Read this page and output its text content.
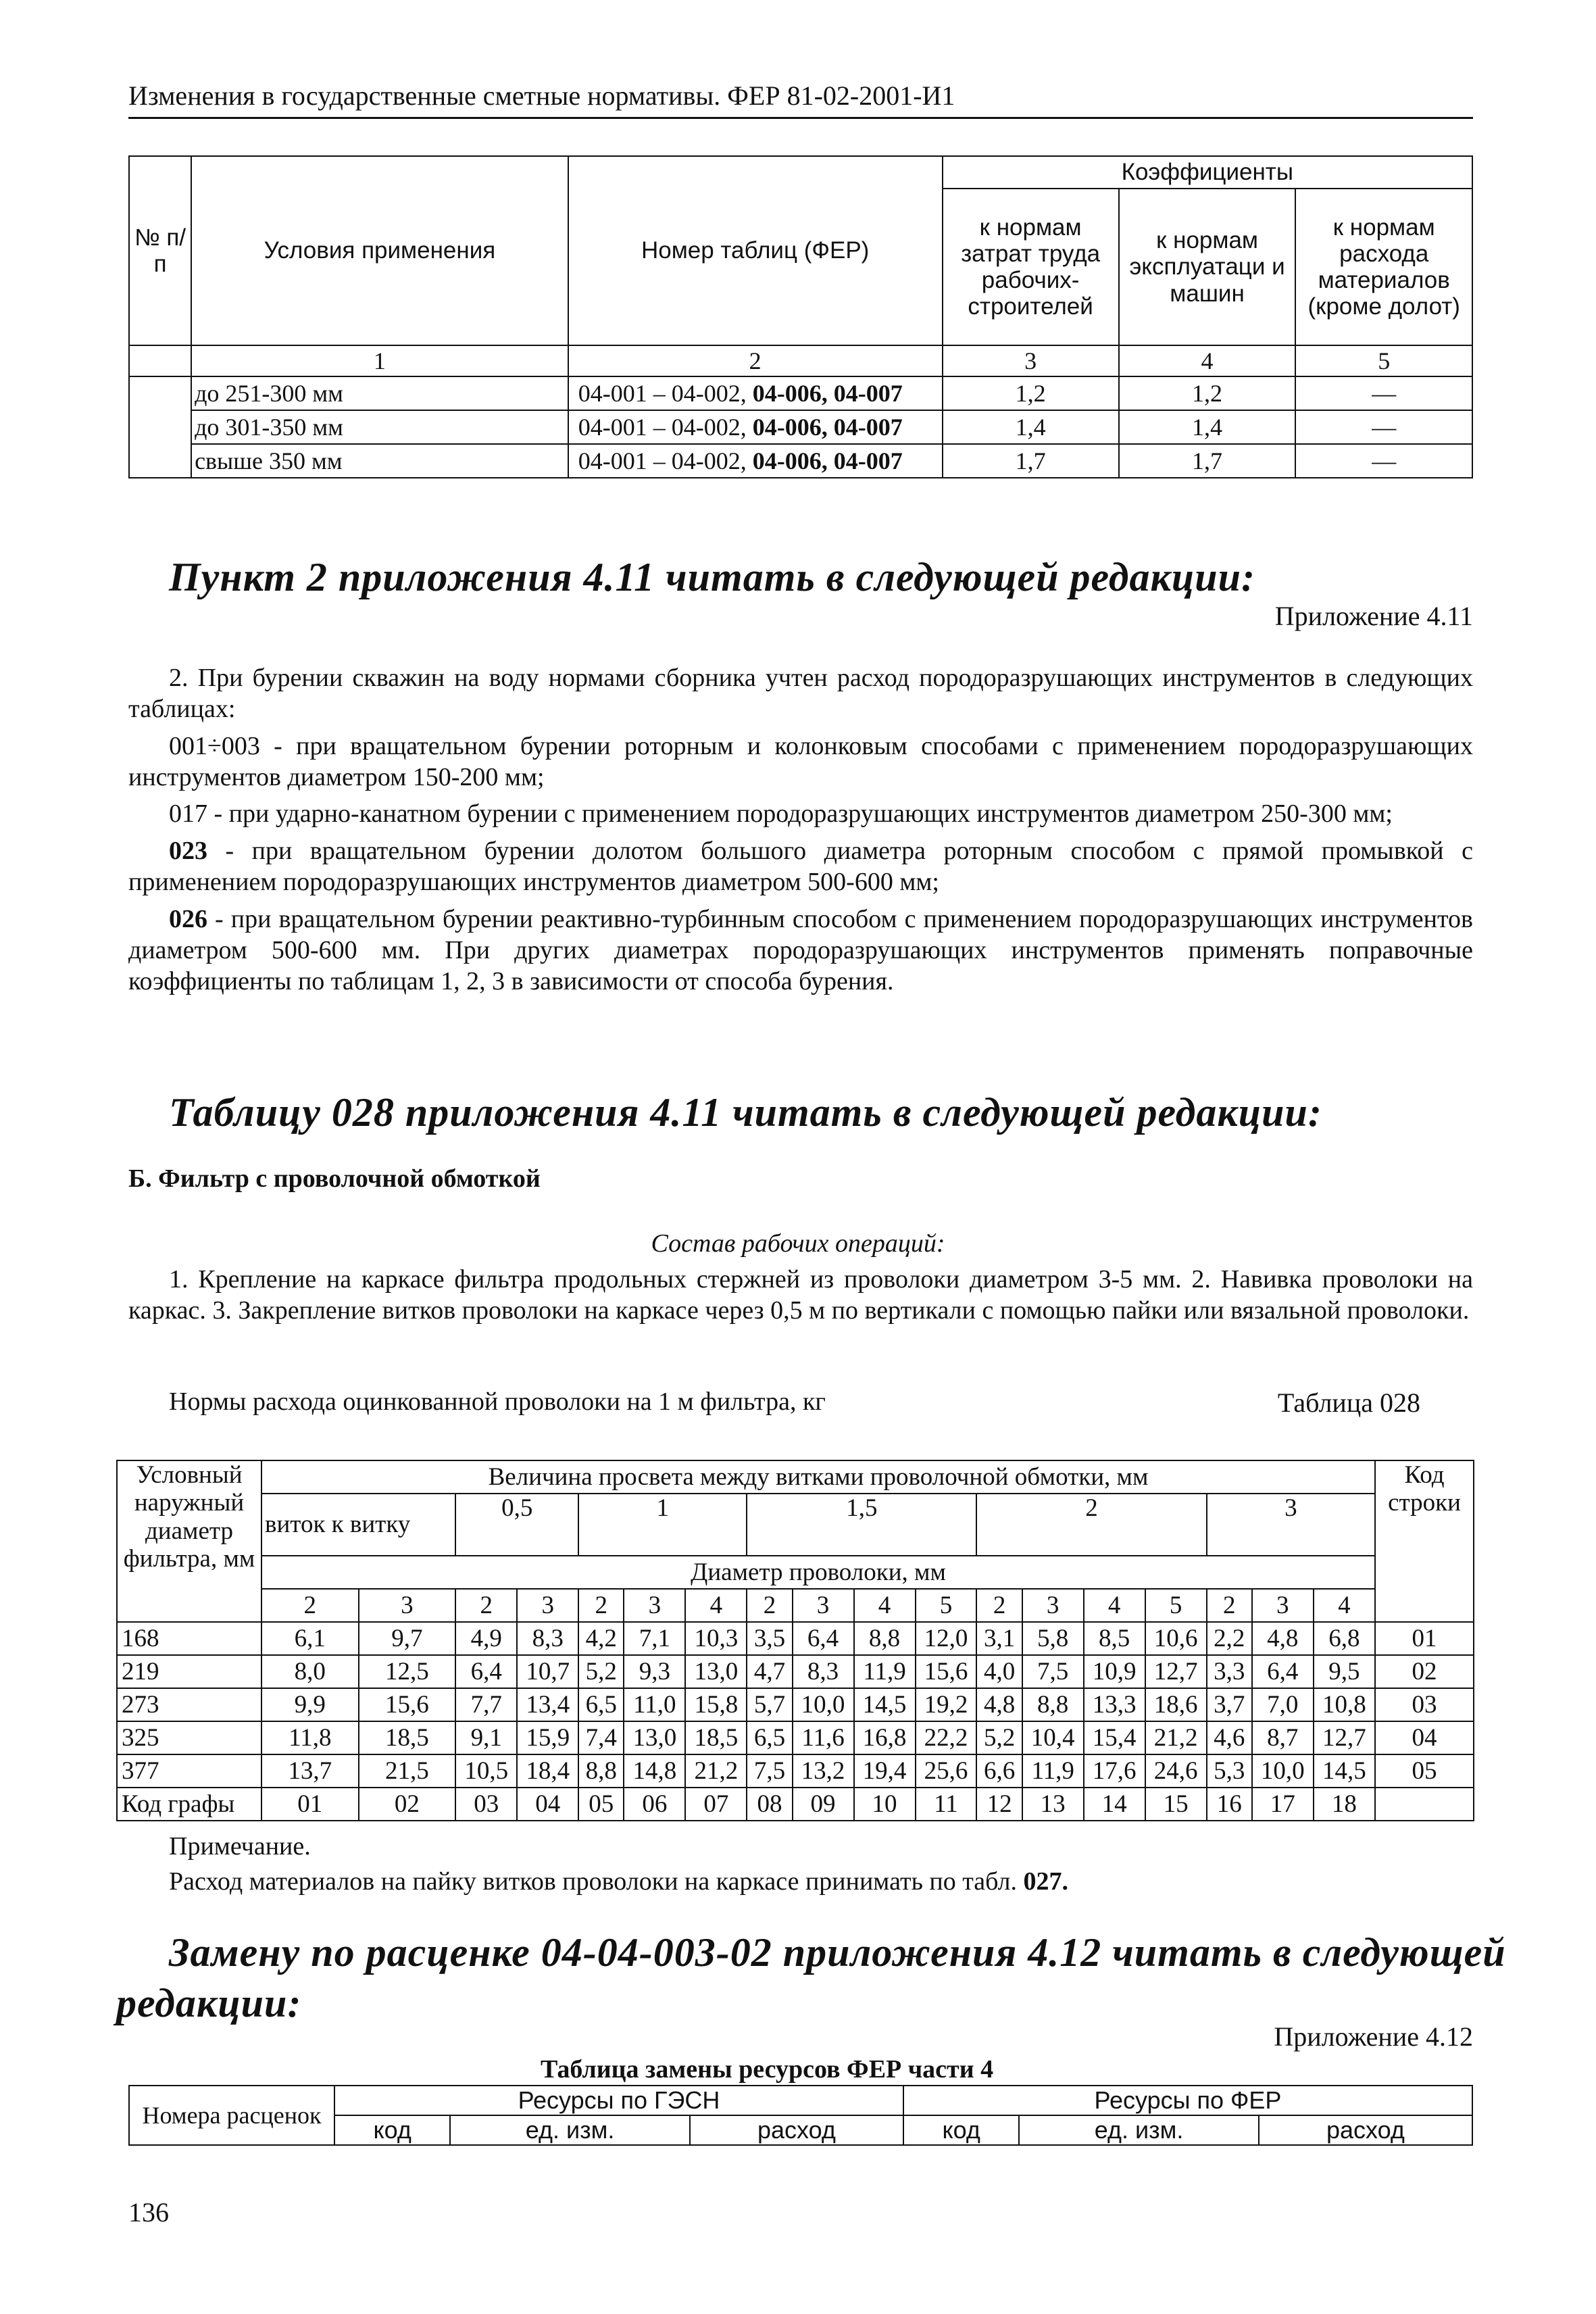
Изменения в государственные сметные нормативы. ФЕР 81-02-2001-И1
№ п/п	Условия применения	Номер таблиц (ФЕР)	Коэффициенты		
			к нормам затрат труда рабочих-строителей	к нормам эксплуатаци и машин	к нормам расхода материалов (кроме долот)
	1	2	3	4	5
	до 251-300 мм	04-001 – 04-002, 04-006, 04-007	1,2	1,2	—
	до 301-350 мм	04-001 – 04-002, 04-006, 04-007	1,4	1,4	—
	свыше 350 мм	04-001 – 04-002, 04-006, 04-007	1,7	1,7	—
Пункт 2 приложения 4.11 читать в следующей редакции:
Приложение 4.11

2. При бурении скважин на воду нормами сборника учтен расход породоразрушающих инструментов в следующих таблицах:

001÷003 - при вращательном бурении роторным и колонковым способами с применением породоразрушающих инструментов диаметром 150-200 мм;

017 - при ударно-канатном бурении с применением породоразрушающих инструментов диаметром 250-300 мм;

023 - при вращательном бурении долотом большого диаметра роторным способом с прямой промывкой с применением породоразрушающих инструментов диаметром 500-600 мм;

026 - при вращательном бурении реактивно-турбинным способом с применением породоразрушающих инструментов диаметром 500-600 мм. При других диаметрах породоразрушающих инструментов применять поправочные коэффициенты по таблицам 1, 2, 3 в зависимости от способа бурения.

Таблицу 028 приложения 4.11 читать в следующей редакции:
Б. Фильтр с проволочной обмоткой
Состав рабочих операций:

1. Крепление на каркасе фильтра продольных стержней из проволоки диаметром 3-5 мм. 2. Навивка проволоки на каркас. 3. Закрепление витков проволоки на каркасе через 0,5 м по вертикали с помощью пайки или вязальной проволоки.

Нормы расхода оцинкованной проволоки на 1 м фильтра, кг	Таблица 028
Условный наружный диаметр фильтра, мм	Величина просвета между витками проволочной обмотки, мм																		Код строки
	виток к витку		0,5		1			1,5				2				3			
	Диаметр проволоки, мм																		
	2	3	2	3	2	3	4	2	3	4	5	2	3	4	5	2	3	4	
168	6,1	9,7	4,9	8,3	4,2	7,1	10,3	3,5	6,4	8,8	12,0	3,1	5,8	8,5	10,6	2,2	4,8	6,8	01
219	8,0	12,5	6,4	10,7	5,2	9,3	13,0	4,7	8,3	11,9	15,6	4,0	7,5	10,9	12,7	3,3	6,4	9,5	02
273	9,9	15,6	7,7	13,4	6,5	11,0	15,8	5,7	10,0	14,5	19,2	4,8	8,8	13,3	18,6	3,7	7,0	10,8	03
325	11,8	18,5	9,1	15,9	7,4	13,0	18,5	6,5	11,6	16,8	22,2	5,2	10,4	15,4	21,2	4,6	8,7	12,7	04
377	13,7	21,5	10,5	18,4	8,8	14,8	21,2	7,5	13,2	19,4	25,6	6,6	11,9	17,6	24,6	5,3	10,0	14,5	05
Код графы	01	02	03	04	05	06	07	08	09	10	11	12	13	14	15	16	17	18	
Примечание.
Расход материалов на пайку витков проволоки на каркасе принимать по табл. 027.
Замену по расценке 04-04-003-02 приложения 4.12 читать в следующей
редакции:
Приложение 4.12
Таблица замены ресурсов ФЕР части 4
Номера расценок	Ресурсы по ГЭСН			Ресурсы по ФЕР		
	код	ед. изм.	расход	код	ед. изм.	расход
136
